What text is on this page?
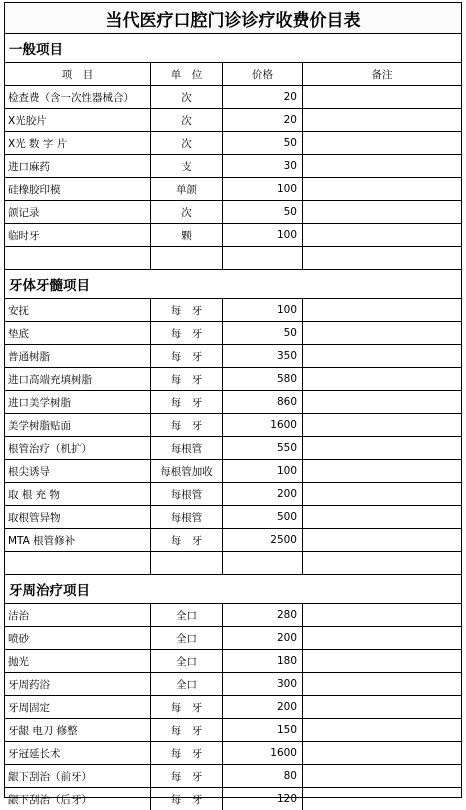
当代医疗口腔门诊诊疗收费价目表
一般项目
项　目	单　位	价格	备注
检查费（含一次性器械合）	次	20
X光胶片	次	20
X光 数 字 片	次	50
进口麻药	支	30
硅橡胶印模	单颌	100
颌记录	次	50
临时牙	颗	100
牙体牙髓项目
安抚	每　牙	100
垫底	每　牙	50
普通树脂	每　牙	350
进口高端充填树脂	每　牙	580
进口美学树脂	每　牙	860
美学树脂贴面	每　牙	1600
根管治疗（机扩）	每根管	550
根尖诱导	每根管加收	100
取 根 充 物	每根管	200
取根管异物	每根管	500
MTA 根管修补	每　牙	2500
牙周治疗项目
洁治	全口	280
喷砂	全口	200
抛光	全口	180
牙周药浴	全口	300
牙周固定	每　牙	200
牙龈 电刀 修整	每　牙	150
牙冠延长术	每　牙	1600
龈下刮治（前牙）	每　牙	80
龈下刮治（后牙）	每　牙	120
